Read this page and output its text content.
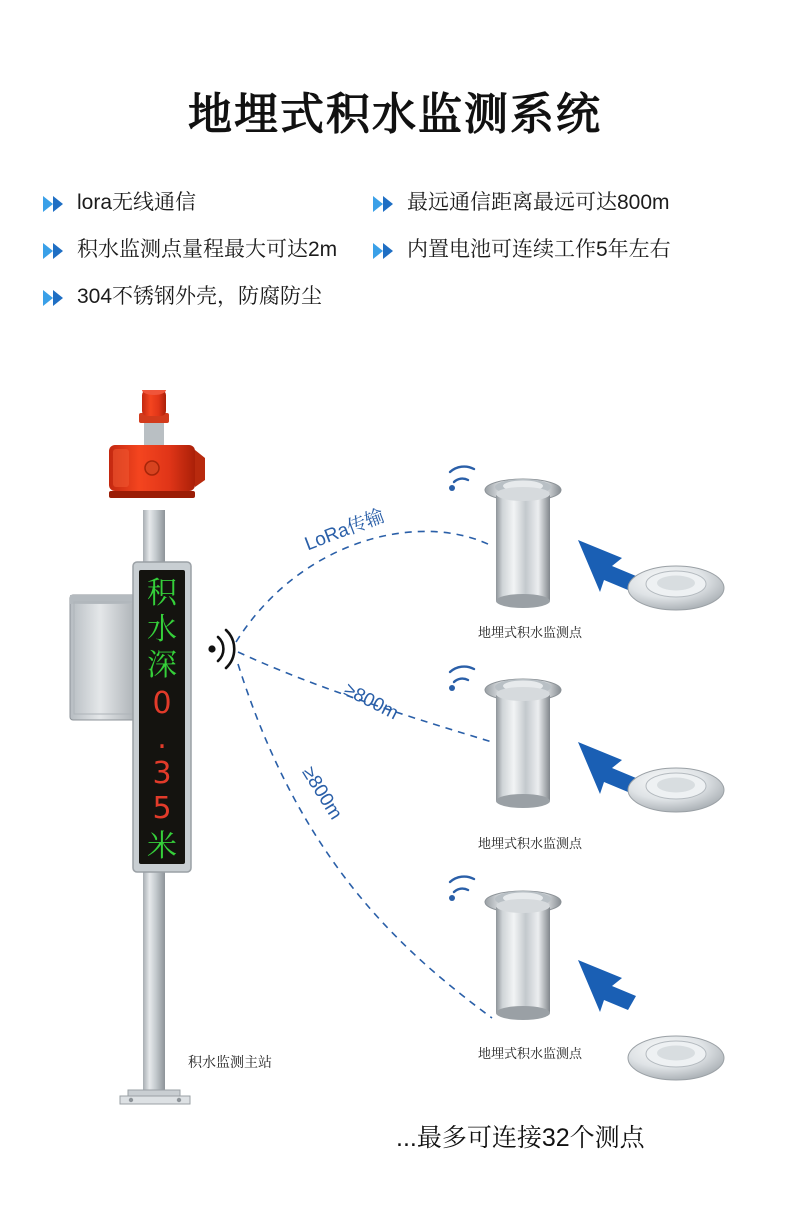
地埋式积水监测系统
lora无线通信	最远通信距离最远可达800m
积水监测点量程最大可达2m	内置电池可连续工作5年左右
304不锈钢外壳，防腐防尘
积
水
深
0
.
3
5
米
LoRa传输
≥800m
≥800m
地埋式积水监测点
地埋式积水监测点
地埋式积水监测点
积水监测主站
...最多可连接32个测点
